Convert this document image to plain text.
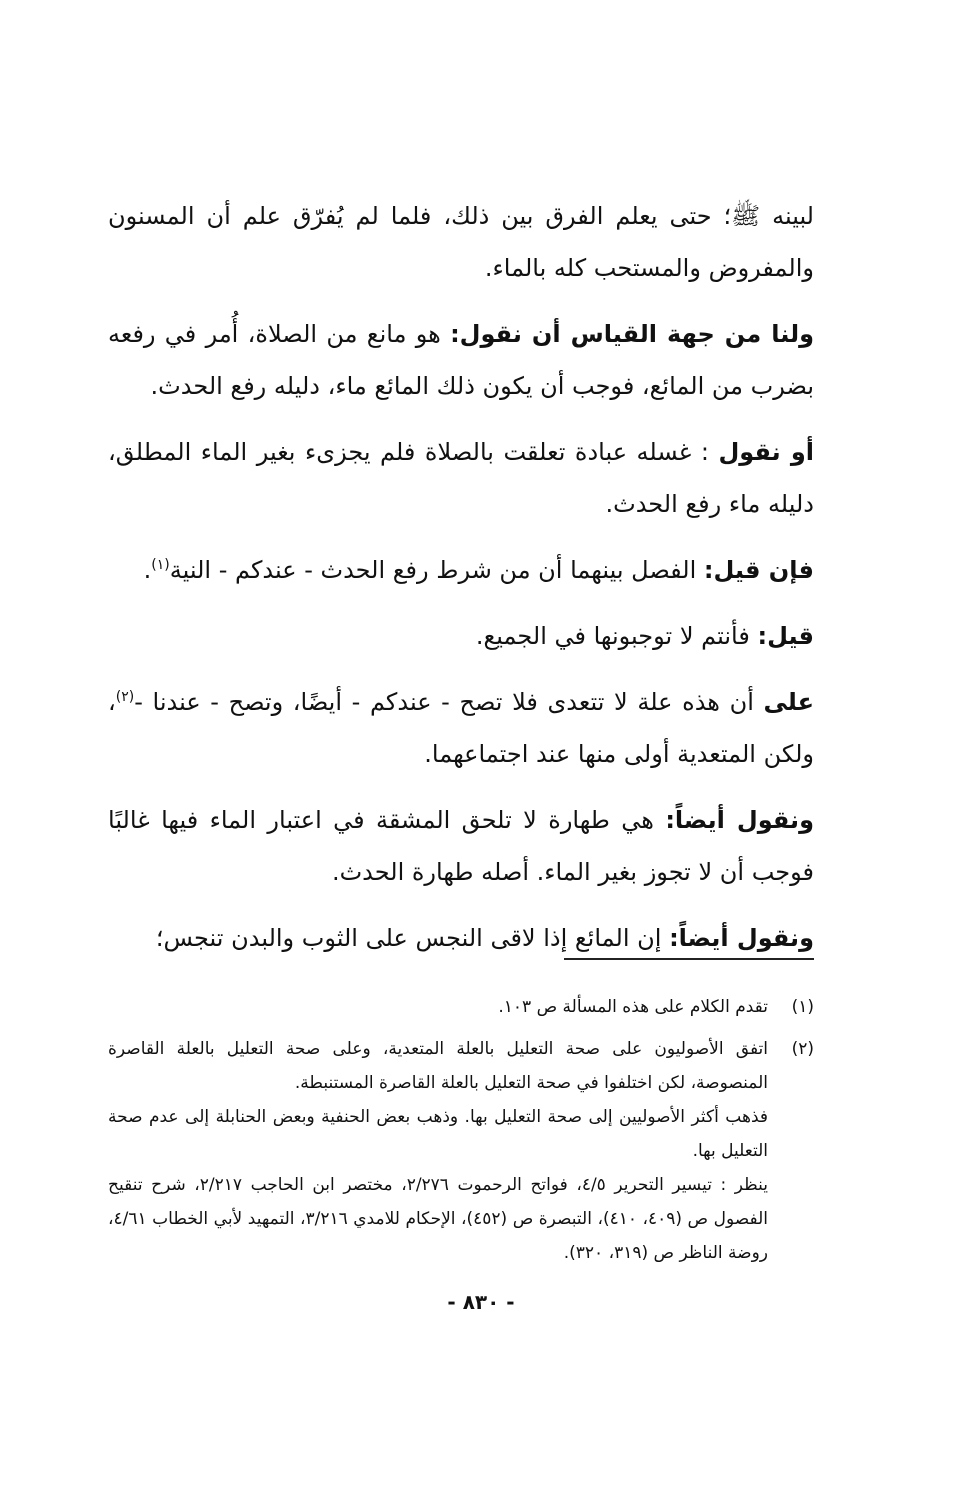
لبينه ﷺ؛ حتى يعلم الفرق بين ذلك، فلما لم يُفرّق علم أن المسنون والمفروض والمستحب كله بالماء.

ولنا من جهة القياس أن نقول: هو مانع من الصلاة، أُمر في رفعه بضرب من المائع، فوجب أن يكون ذلك المائع ماء، دليله رفع الحدث.

أو نقول : غسله عبادة تعلقت بالصلاة فلم يجزىء بغير الماء المطلق، دليله ماء رفع الحدث.

فإن قيل: الفصل بينهما أن من شرط رفع الحدث - عندكم - النية$^{(١)}$.

قيل: فأنتم لا توجبونها في الجميع.

على أن هذه علة لا تتعدى فلا تصح - عندكم - أيضًا، وتصح - عندنا -$^{(٢)}$، ولكن المتعدية أولى منها عند اجتماعهما.

ونقول أيضاً: هي طهارة لا تلحق المشقة في اعتبار الماء فيها غالبًا فوجب أن لا تجوز بغير الماء. أصله طهارة الحدث.

ونقول أيضاً: إن المائع إذا لاقى النجس على الثوب والبدن تنجس؛

(١)

تقدم الكلام على هذه المسألة ص ١٠٣.

(٢)

اتفق الأصوليون على صحة التعليل بالعلة المتعدية، وعلى صحة التعليل بالعلة القاصرة المنصوصة، لكن اختلفوا في صحة التعليل بالعلة القاصرة المستنبطة.

فذهب أكثر الأصوليين إلى صحة التعليل بها. وذهب بعض الحنفية وبعض الحنابلة إلى عدم صحة التعليل بها.

ينظر : تيسير التحرير ٤/٥، فواتح الرحموت ٢/٢٧٦، مختصر ابن الحاجب ٢/٢١٧، شرح تنقيح الفصول ص (٤٠٩، ٤١٠)، التبصرة ص (٤٥٢)، الإحكام للامدي ٣/٢١٦، التمهيد لأبي الخطاب ٤/٦١، روضة الناظر ص (٣١٩، ٣٢٠).

- ٨٣٠ -
